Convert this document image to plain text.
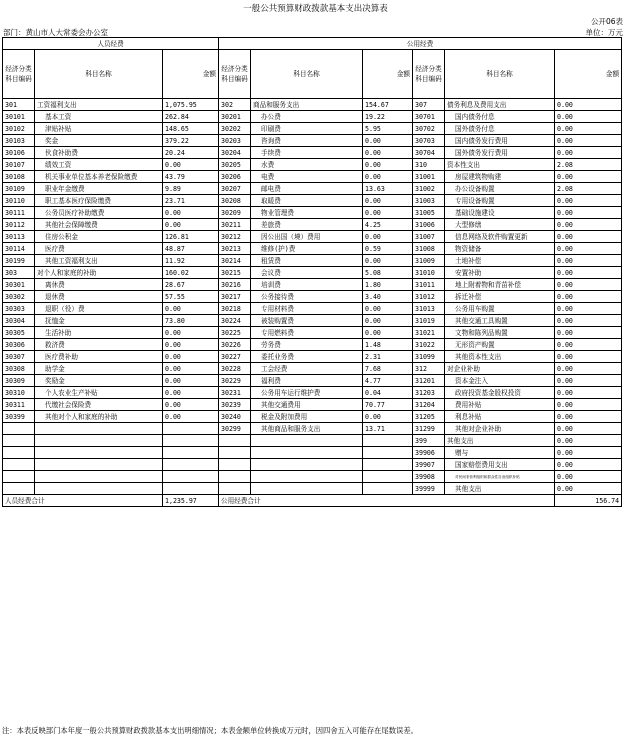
一般公共预算财政拨款基本支出决算表
公开06表
部门：黄山市人大常委会办公室	单位：万元
人员经费			公用经费					
经济分类科目编码	科目名称	金额	经济分类科目编码	科目名称	金额	经济分类科目编码	科目名称	金额
301	工资福利支出	1,075.95	302	商品和服务支出	154.67	307	债务利息及费用支出	0.00
30101	基本工资	262.84	30201	办公费	19.22	30701	国内债务付息	0.00
30102	津贴补贴	148.65	30202	印刷费	5.95	30702	国外债务付息	0.00
30103	奖金	379.22	30203	咨询费	0.00	30703	国内债务发行费用	0.00
30106	伙食补助费	20.24	30204	手续费	0.00	30704	国外债务发行费用	0.00
30107	绩效工资	0.00	30205	水费	0.00	310	资本性支出	2.08
30108	机关事业单位基本养老保险缴费	43.79	30206	电费	0.00	31001	房屋建筑物购建	0.00
30109	职业年金缴费	9.89	30207	邮电费	13.63	31002	办公设备购置	2.08
30110	职工基本医疗保险缴费	23.71	30208	取暖费	0.00	31003	专用设备购置	0.00
30111	公务员医疗补助缴费	0.00	30209	物业管理费	0.00	31005	基础设施建设	0.00
30112	其他社会保障缴费	0.00	30211	差旅费	4.25	31006	大型修缮	0.00
30113	住房公积金	126.81	30212	因公出国（境）费用	0.00	31007	信息网络及软件购置更新	0.00
30114	医疗费	48.87	30213	维修(护)费	0.59	31008	物资储备	0.00
30199	其他工资福利支出	11.92	30214	租赁费	0.00	31009	土地补偿	0.00
303	对个人和家庭的补助	160.02	30215	会议费	5.08	31010	安置补助	0.00
30301	离休费	28.67	30216	培训费	1.80	31011	地上附着物和青苗补偿	0.00
30302	退休费	57.55	30217	公务接待费	3.40	31012	拆迁补偿	0.00
30303	退职（役）费	0.00	30218	专用材料费	0.00	31013	公务用车购置	0.00
30304	抚恤金	73.80	30224	被装购置费	0.00	31019	其他交通工具购置	0.00
30305	生活补助	0.00	30225	专用燃料费	0.00	31021	文物和陈列品购置	0.00
30306	救济费	0.00	30226	劳务费	1.48	31022	无形资产购置	0.00
30307	医疗费补助	0.00	30227	委托业务费	2.31	31099	其他资本性支出	0.00
30308	助学金	0.00	30228	工会经费	7.68	312	对企业补助	0.00
30309	奖励金	0.00	30229	福利费	4.77	31201	资本金注入	0.00
30310	个人农业生产补贴	0.00	30231	公务用车运行维护费	0.04	31203	政府投资基金股权投资	0.00
30311	代缴社会保险费	0.00	30239	其他交通费用	70.77	31204	费用补贴	0.00
30399	其他对个人和家庭的补助	0.00	30240	税金及附加费用	0.00	31205	利息补贴	0.00
			30299	其他商品和服务支出	13.71	31299	其他对企业补助	0.00
						399	其他支出	0.00
						39906	赠与	0.00
						39907	国家赔偿费用支出	0.00
						39908	对民间非营利组织和群众性自治组织补贴	0.00
						39999	其他支出	0.00
人员经费合计		1,235.97	公用经费合计					156.74
注：本表反映部门本年度一般公共预算财政拨款基本支出明细情况；本表金额单位转换成万元时，因四舍五入可能存在尾数误差。
